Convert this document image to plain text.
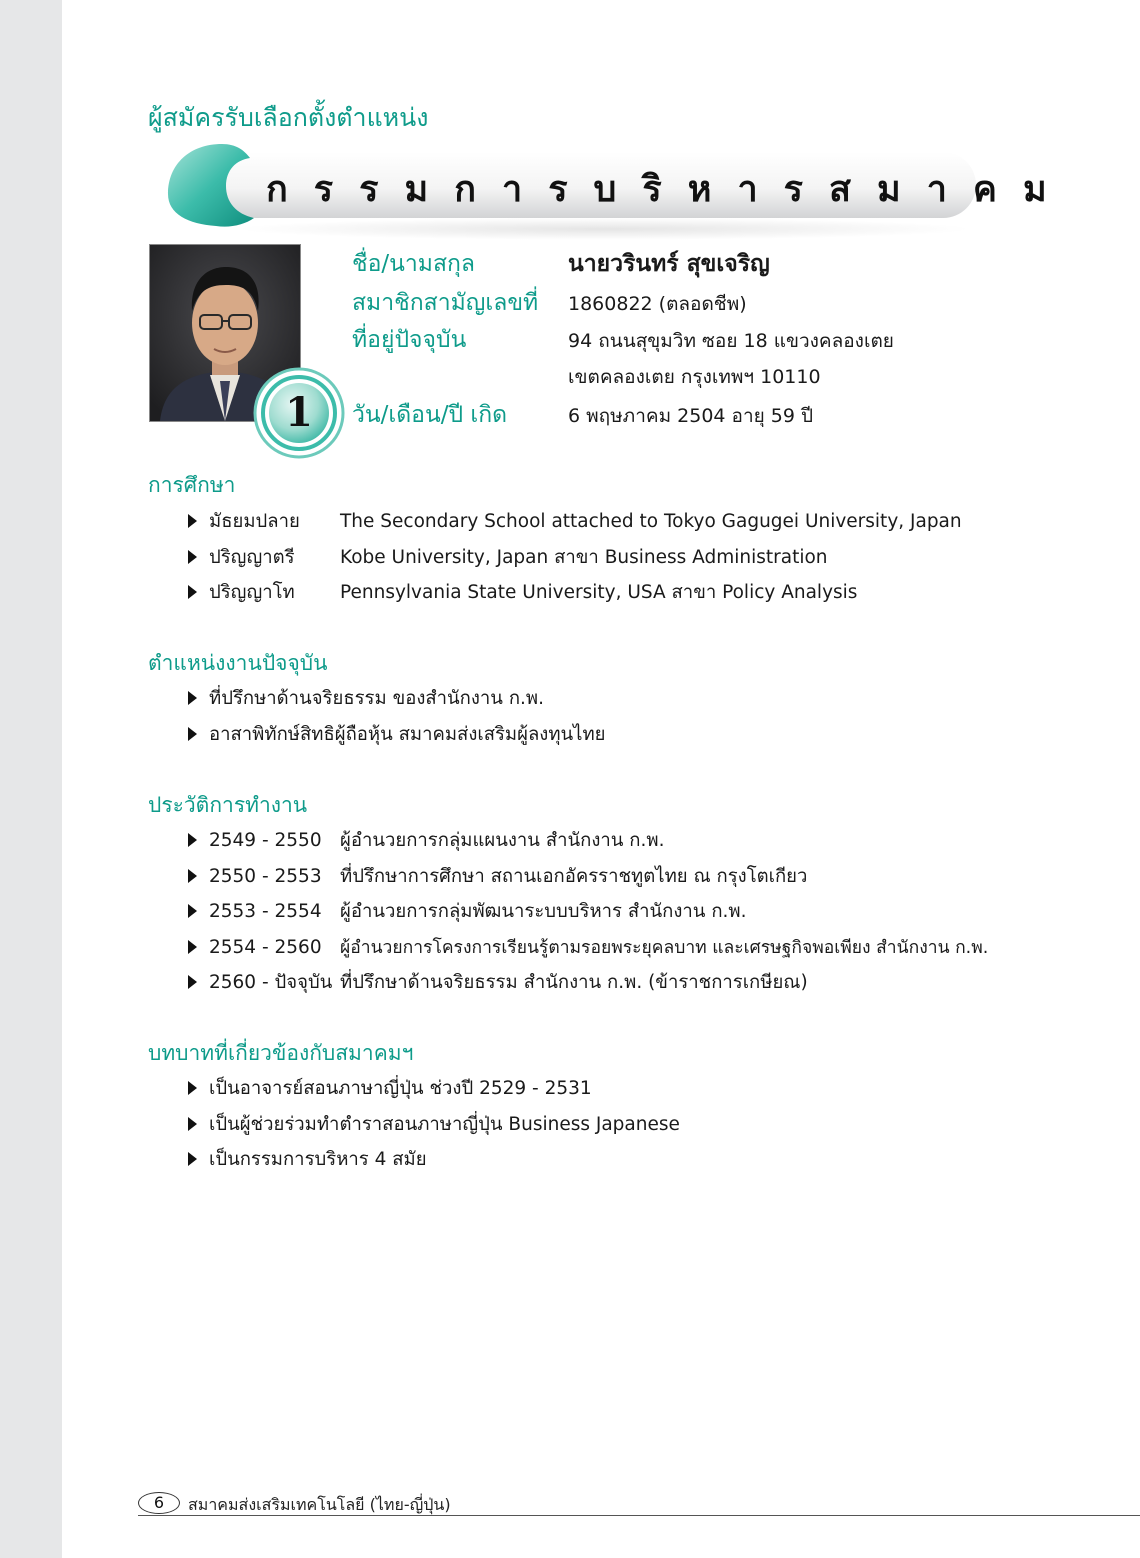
ผู้สมัครรับเลือกตั้งตำแหน่ง
กรรมการบริหารสมาคม
1
ชื่อ/นามสกุล	นายวรินทร์ สุขเจริญ
สมาชิกสามัญเลขที่ 1860822 (ตลอดชีพ)
ที่อยู่ปัจจุบัน	94 ถนนสุขุมวิท ซอย 18 แขวงคลองเตย
เขตคลองเตย กรุงเทพฯ 10110
วัน/เดือน/ปี เกิด	6 พฤษภาคม 2504 อายุ 59 ปี
การศึกษา
มัธยมปลาย The Secondary School attached to Tokyo Gagugei University, Japan
ปริญญาตรี Kobe University, Japan สาขา Business Administration
ปริญญาโท Pennsylvania State University, USA สาขา Policy Analysis
ตำแหน่งงานปัจจุบัน
ที่ปรึกษาด้านจริยธรรม ของสำนักงาน ก.พ.
อาสาพิทักษ์สิทธิผู้ถือหุ้น สมาคมส่งเสริมผู้ลงทุนไทย
ประวัติการทำงาน
2549 - 2550 ผู้อำนวยการกลุ่มแผนงาน สำนักงาน ก.พ.
2550 - 2553 ที่ปรึกษาการศึกษา สถานเอกอัครราชทูตไทย ณ กรุงโตเกียว
2553 - 2554 ผู้อำนวยการกลุ่มพัฒนาระบบบริหาร สำนักงาน ก.พ.
2554 - 2560 ผู้อำนวยการโครงการเรียนรู้ตามรอยพระยุคลบาท และเศรษฐกิจพอเพียง สำนักงาน ก.พ.
2560 - ปัจจุบัน ที่ปรึกษาด้านจริยธรรม สำนักงาน ก.พ. (ข้าราชการเกษียณ)
บทบาทที่เกี่ยวข้องกับสมาคมฯ
เป็นอาจารย์สอนภาษาญี่ปุ่น ช่วงปี 2529 - 2531
เป็นผู้ช่วยร่วมทำตำราสอนภาษาญี่ปุ่น Business Japanese
เป็นกรรมการบริหาร 4 สมัย
6	สมาคมส่งเสริมเทคโนโลยี (ไทย-ญี่ปุ่น)
